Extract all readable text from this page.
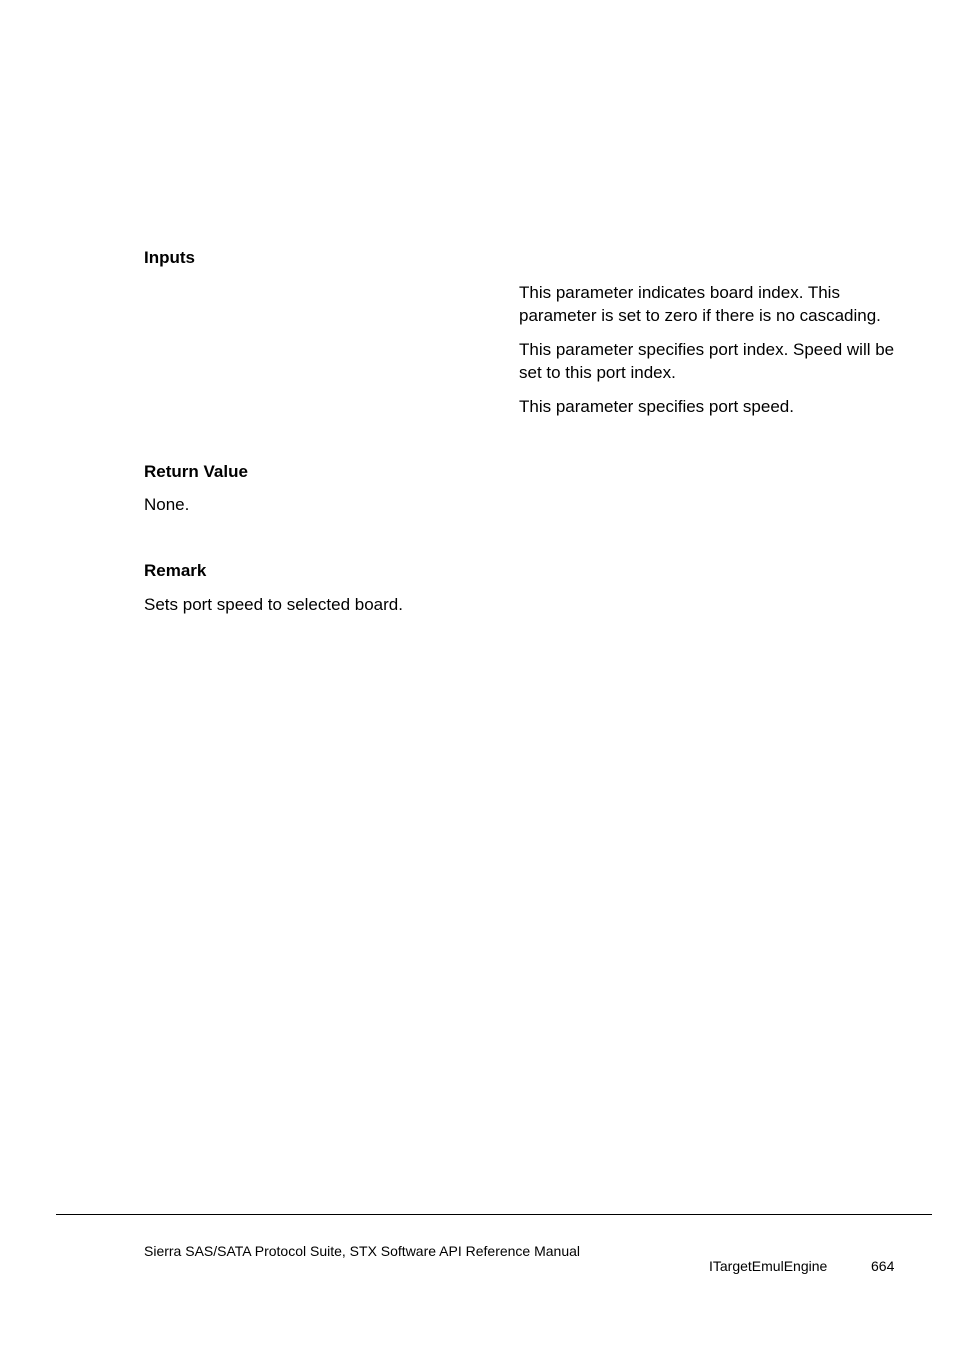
Inputs

This parameter indicates board index. This parameter is set to zero if there is no cascading.

This parameter specifies port index. Speed will be set to this port index.

This parameter specifies port speed.

Return Value

None.

Remark

Sets port speed to selected board.

Sierra SAS/SATA Protocol Suite, STX Software API Reference Manual
ITargetEmulEngine	664
